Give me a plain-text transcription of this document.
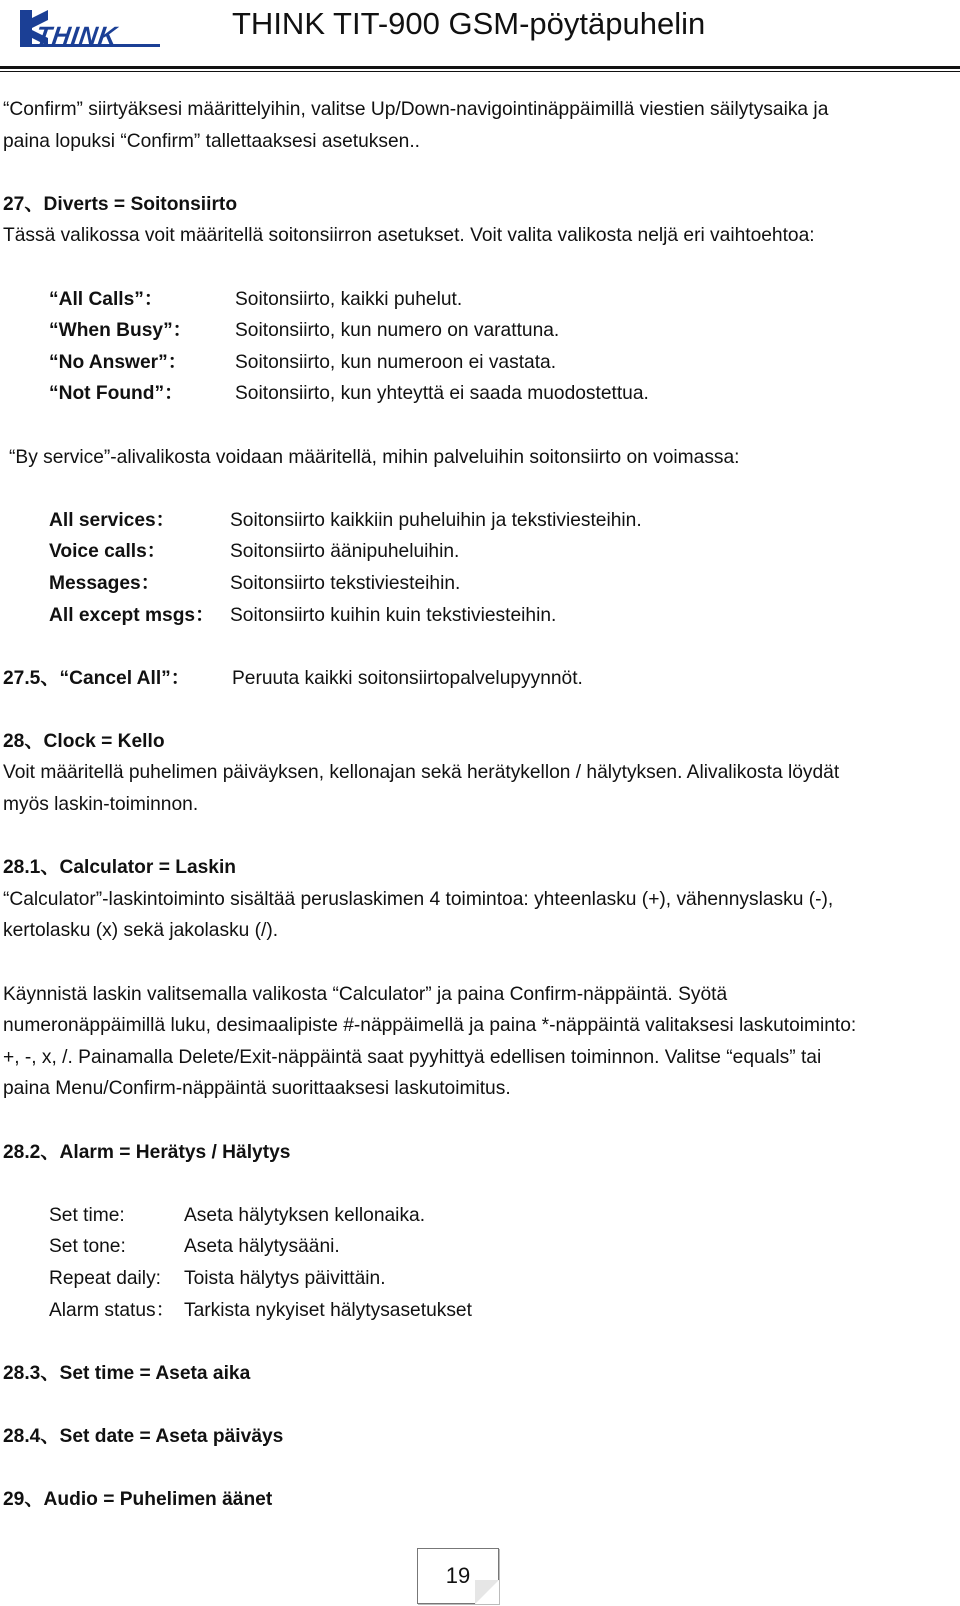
THINK	THINK TIT-900 GSM-pöytäpuhelin

“Confirm” siirtyäksesi määrittelyihin, valitse Up/Down-navigointinäppäimillä viestien säilytysaika ja

paina lopuksi “Confirm” tallettaaksesi asetuksen..

27、Diverts = Soitonsiirto

Tässä valikossa voit määritellä soitonsiirron asetukset. Voit valita valikosta neljä eri vaihtoehtoa:

“All Calls”：	Soitonsiirto, kaikki puhelut.
“When Busy”：	Soitonsiirto, kun numero on varattuna.
“No Answer”：	Soitonsiirto, kun numeroon ei vastata.
“Not Found”：	Soitonsiirto, kun yhteyttä ei saada muodostettua.

“By service”-alivalikosta voidaan määritellä, mihin palveluihin soitonsiirto on voimassa:

All services：	Soitonsiirto kaikkiin puheluihin ja tekstiviesteihin.
Voice calls：	Soitonsiirto äänipuheluihin.
Messages：	Soitonsiirto tekstiviesteihin.
All except msgs： Soitonsiirto kuihin kuin tekstiviesteihin.
27.5、“Cancel All”：	Peruuta kaikki soitonsiirtopalvelupyynnöt.

28、Clock = Kello

Voit määritellä puhelimen päiväyksen, kellonajan sekä herätykellon / hälytyksen. Alivalikosta löydät

myös laskin-toiminnon.

28.1、Calculator = Laskin

“Calculator”-laskintoiminto sisältää peruslaskimen 4 toimintoa: yhteenlasku (+), vähennyslasku (-),

kertolasku (x) sekä jakolasku (/).

Käynnistä laskin valitsemalla valikosta “Calculator” ja paina Confirm-näppäintä. Syötä

numeronäppäimillä luku, desimaalipiste #-näppäimellä ja paina *-näppäintä valitaksesi laskutoiminto:

+, -, x, /. Painamalla Delete/Exit-näppäintä saat pyyhittyä edellisen toiminnon. Valitse “equals” tai

paina Menu/Confirm-näppäintä suorittaaksesi laskutoimitus.

28.2、Alarm = Herätys / Hälytys

Set time:	Aseta hälytyksen kellonaika.
Set tone:	Aseta hälytysääni.
Repeat daily:	Toista hälytys päivittäin.
Alarm status： Tarkista nykyiset hälytysasetukset

28.3、Set time = Aseta aika

28.4、Set date = Aseta päiväys

29、Audio = Puhelimen äänet

19
